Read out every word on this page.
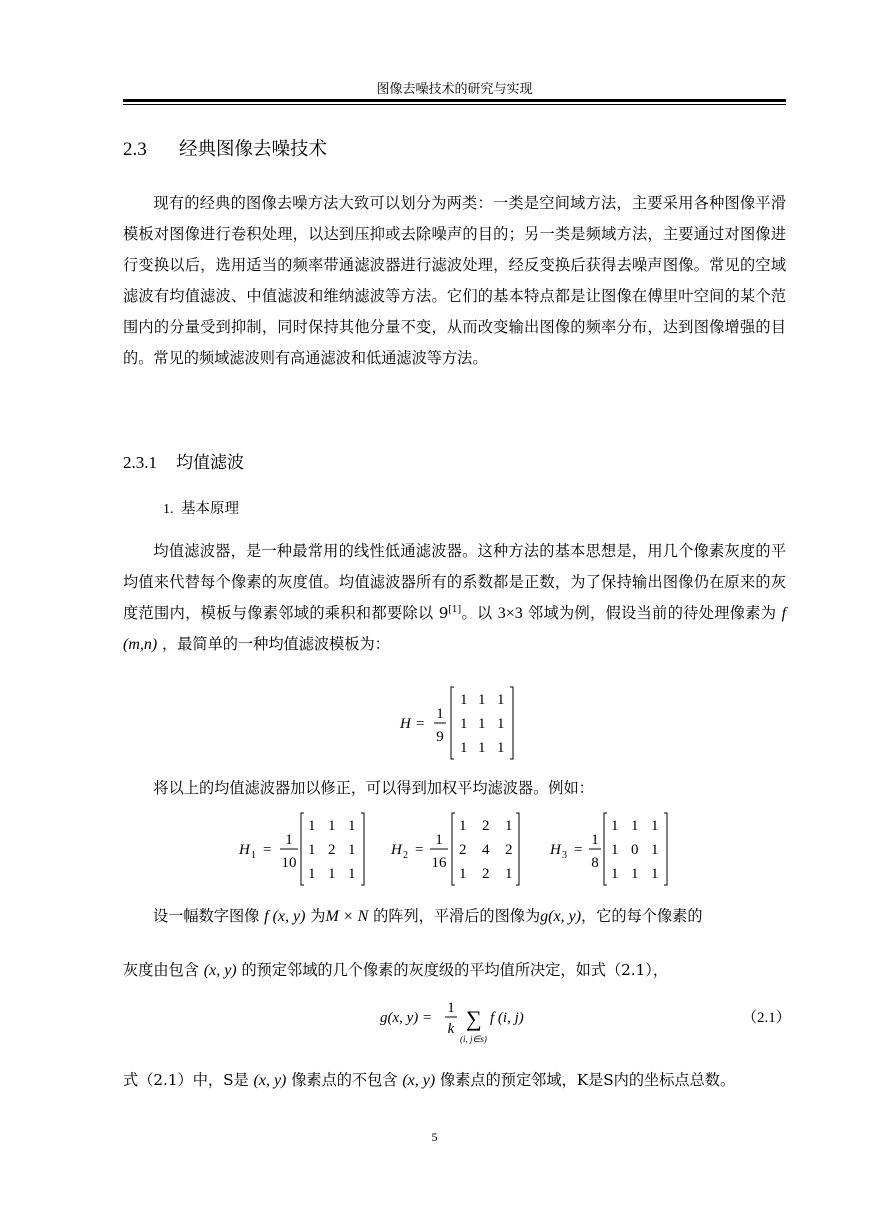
图像去噪技术的研究与实现
2.3 经典图像去噪技术

现有的经典的图像去噪方法大致可以划分为两类：一类是空间域方法，主要采用各种图像平滑模板对图像进行卷积处理，以达到压抑或去除噪声的目的；另一类是频域方法，主要通过对图像进行变换以后，选用适当的频率带通滤波器进行滤波处理，经反变换后获得去噪声图像。常见的空域滤波有均值滤波、中值滤波和维纳滤波等方法。它们的基本特点都是让图像在傅里叶空间的某个范围内的分量受到抑制，同时保持其他分量不变，从而改变输出图像的频率分布，达到图像增强的目的。常见的频域滤波则有高通滤波和低通滤波等方法。

2.3.1 均值滤波
1. 基本原理

均值滤波器，是一种最常用的线性低通滤波器。这种方法的基本思想是，用几个像素灰度的平均值来代替每个像素的灰度值。均值滤波器所有的系数都是正数，为了保持输出图像仍在原来的灰度范围内，模板与像素邻域的乘积和都要除以 9[1]。以 3×3 邻域为例，假设当前的待处理像素为 f (m,n) ，最简单的一种均值滤波模板为：

H =
1
9
1 1 1
1 1 1
1 1 1
将以上的均值滤波器加以修正，可以得到加权平均滤波器。例如：
H 1 =
1
10
1 1 1
1 2 1
1 1 1
H 2 =
1
16
1 2 1
2 4 2
1 2 1
H 3 =
1
8
1 1 1
1 0 1
1 1 1
设一幅数字图像 f (x, y) 为M × N 的阵列，平滑后的图像为g(x, y)，它的每个像素的
灰度由包含 (x, y) 的预定邻域的几个像素的灰度级的平均值所决定，如式（2.1），
g(x, y) =
1
k ∑
(i, j∈s)
f (i, j)	（2.1）
式（2.1）中，S是 (x, y) 像素点的不包含 (x, y) 像素点的预定邻域，K是S内的坐标点总数。
5
